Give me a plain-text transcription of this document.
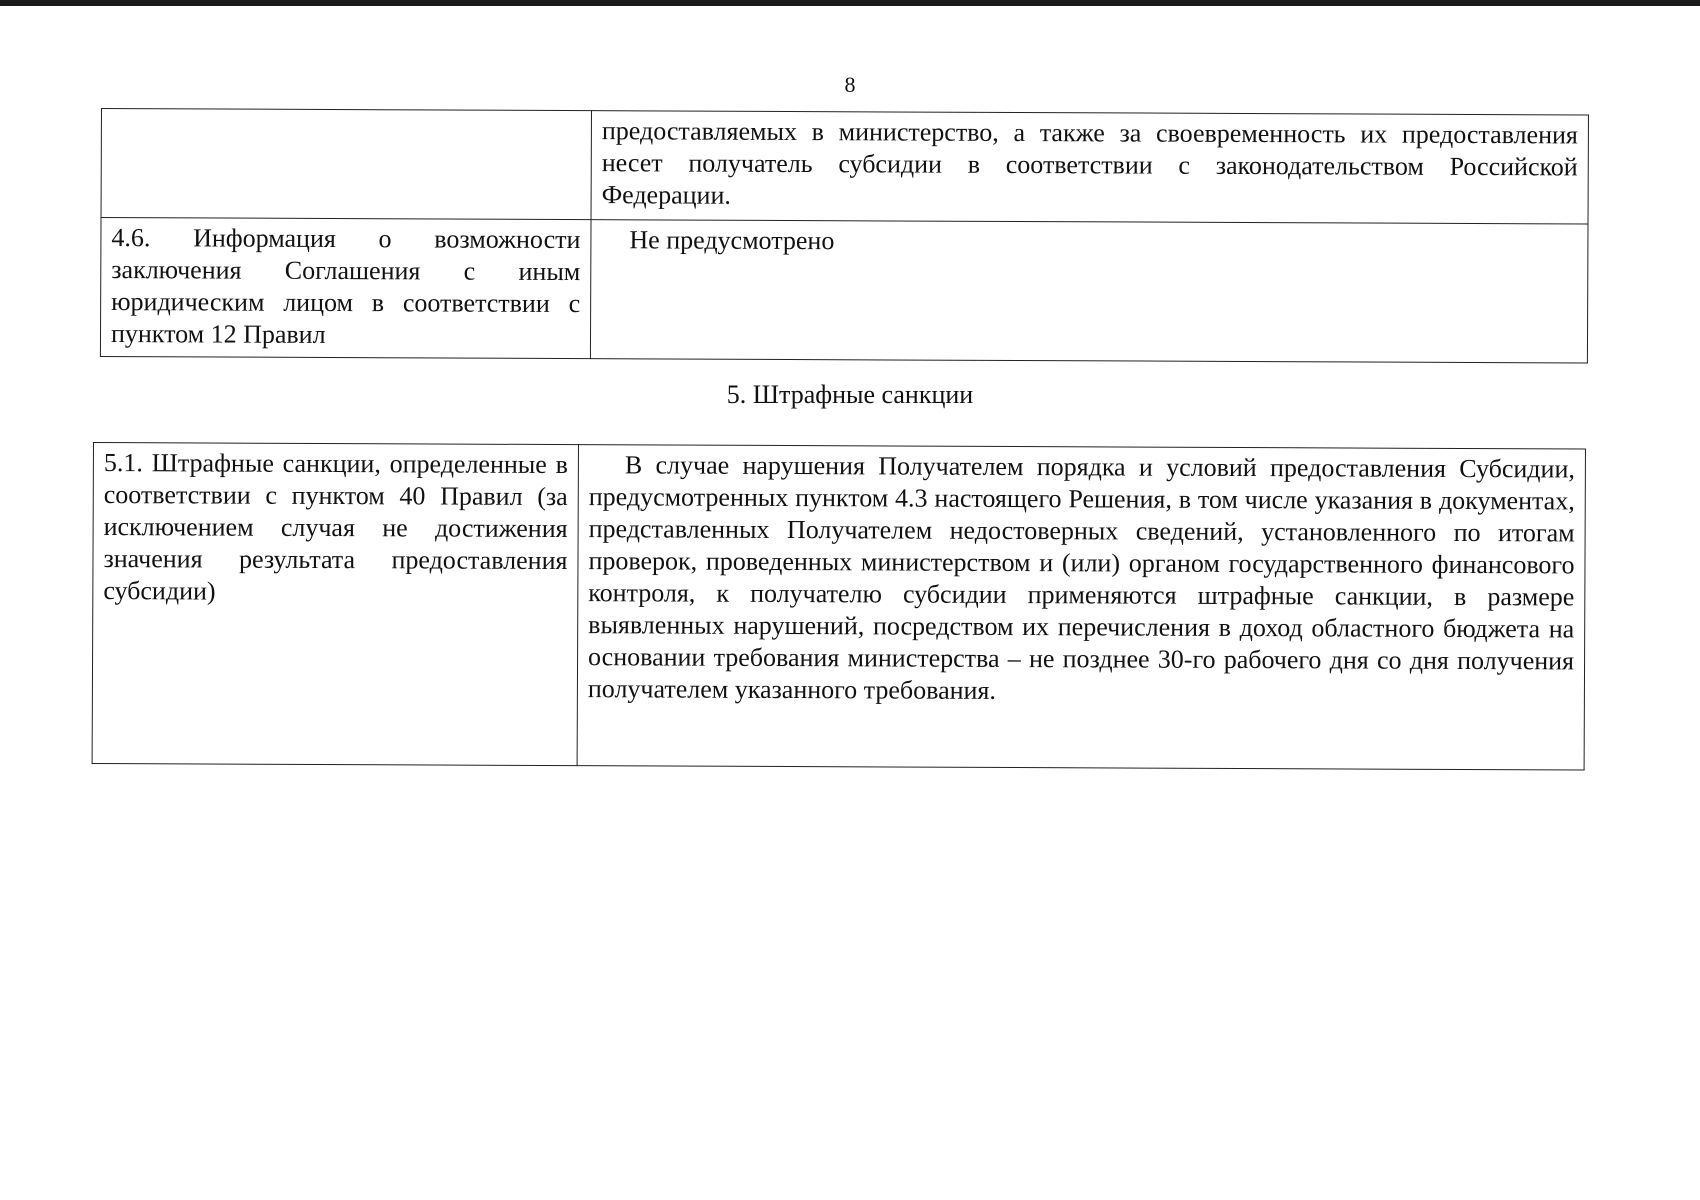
8
	предоставляемых в министерство, а также за своевременность их предоставления несет получатель субсидии в соответствии с законодательством Российской Федерации.
4.6. Информация о возможности заключения Соглашения с иным юридическим лицом в соответствии с пунктом 12 Правил	Не предусмотрено
5. Штрафные санкции
5.1. Штрафные санкции, определенные в соответствии с пунктом 40 Правил (за исключением случая не достижения значения результата предоставления субсидии)	В случае нарушения Получателем порядка и условий предоставления Субсидии, предусмотренных пунктом 4.3 настоящего Решения, в том числе указания в документах, представленных Получателем недостоверных сведений, установленного по итогам проверок, проведенных министерством и (или) органом государственного финансового контроля, к получателю субсидии применяются штрафные санкции, в размере выявленных нарушений, посредством их перечисления в доход областного бюджета на основании требования министерства – не позднее 30-го рабочего дня со дня получения получателем указанного требования.
